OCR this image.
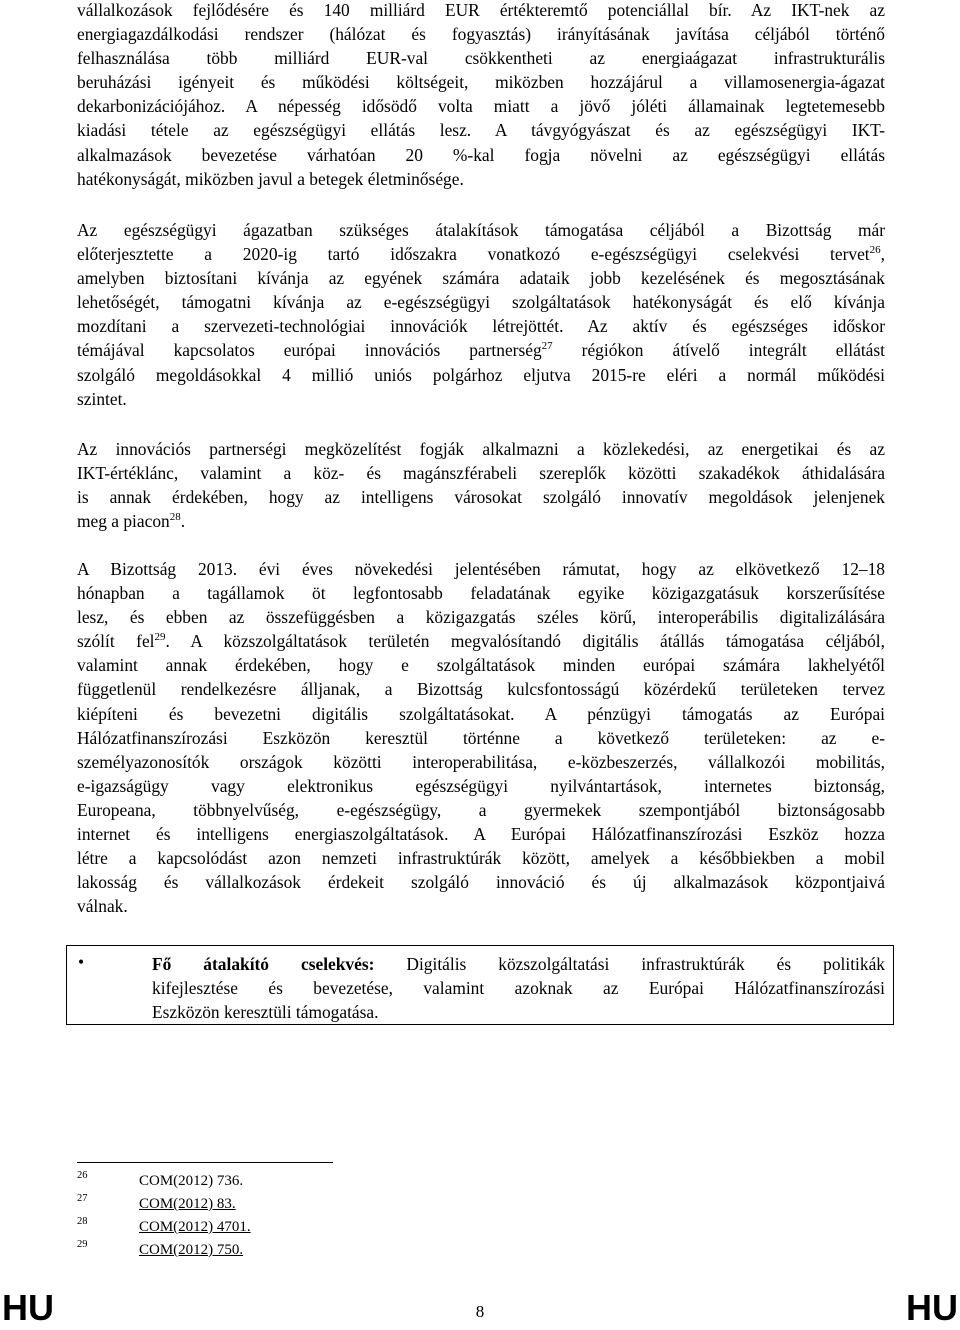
vállalkozások fejlődésére és 140 milliárd EUR értékteremtő potenciállal bír. Az IKT-nek az
energiagazdálkodási rendszer (hálózat és fogyasztás) irányításának javítása céljából történő
felhasználása több milliárd EUR-val csökkentheti az energiaágazat infrastrukturális
beruházási igényeit és működési költségeit, miközben hozzájárul a villamosenergia-ágazat
dekarbonizációjához. A népesség idősödő volta miatt a jövő jóléti államainak legtetemesebb
kiadási tétele az egészségügyi ellátás lesz. A távgyógyászat és az egészségügyi IKT-
alkalmazások bevezetése várhatóan 20 %-kal fogja növelni az egészségügyi ellátás
hatékonyságát, miközben javul a betegek életminősége.
Az egészségügyi ágazatban szükséges átalakítások támogatása céljából a Bizottság már
előterjesztette a 2020-ig tartó időszakra vonatkozó e-egészségügyi cselekvési tervet$^{26}$,
amelyben biztosítani kívánja az egyének számára adataik jobb kezelésének és megosztásának
lehetőségét, támogatni kívánja az e-egészségügyi szolgáltatások hatékonyságát és elő kívánja
mozdítani a szervezeti-technológiai innovációk létrejöttét. Az aktív és egészséges időskor
témájával kapcsolatos európai innovációs partnerség$^{27}$ régiókon átívelő integrált ellátást
szolgáló megoldásokkal 4 millió uniós polgárhoz eljutva 2015-re eléri a normál működési
szintet.
Az innovációs partnerségi megközelítést fogják alkalmazni a közlekedési, az energetikai és az
IKT-értéklánc, valamint a köz- és magánszférabeli szereplők közötti szakadékok áthidalására
is annak érdekében, hogy az intelligens városokat szolgáló innovatív megoldások jelenjenek
meg a piacon$^{28}$.
A Bizottság 2013. évi éves növekedési jelentésében rámutat, hogy az elkövetkező 12–18
hónapban a tagállamok öt legfontosabb feladatának egyike közigazgatásuk korszerűsítése
lesz, és ebben az összefüggésben a közigazgatás széles körű, interoperábilis digitalizálására
szólít fel$^{29}$. A közszolgáltatások területén megvalósítandó digitális átállás támogatása céljából,
valamint annak érdekében, hogy e szolgáltatások minden európai számára lakhelyétől
függetlenül rendelkezésre álljanak, a Bizottság kulcsfontosságú közérdekű területeken tervez
kiépíteni és bevezetni digitális szolgáltatásokat. A pénzügyi támogatás az Európai
Hálózatfinanszírozási Eszközön keresztül történne a következő területeken: az e-
személyazonosítók országok közötti interoperabilitása, e-közbeszerzés, vállalkozói mobilitás,
e-igazságügy vagy elektronikus egészségügyi nyilvántartások, internetes biztonság,
Europeana, többnyelvűség, e-egészségügy, a gyermekek szempontjából biztonságosabb
internet és intelligens energiaszolgáltatások. A Európai Hálózatfinanszírozási Eszköz hozza
létre a kapcsolódást azon nemzeti infrastruktúrák között, amelyek a későbbiekben a mobil
lakosság és vállalkozások érdekeit szolgáló innováció és új alkalmazások központjaivá
válnak.
•	Fő átalakító cselekvés: Digitális közszolgáltatási infrastruktúrák és politikák
kifejlesztése és bevezetése, valamint azoknak az Európai Hálózatfinanszírozási
Eszközön keresztüli támogatása.
26	COM(2012) 736.
27	COM(2012) 83.
28	COM(2012) 4701.
29	COM(2012) 750.
HU	8	HU
